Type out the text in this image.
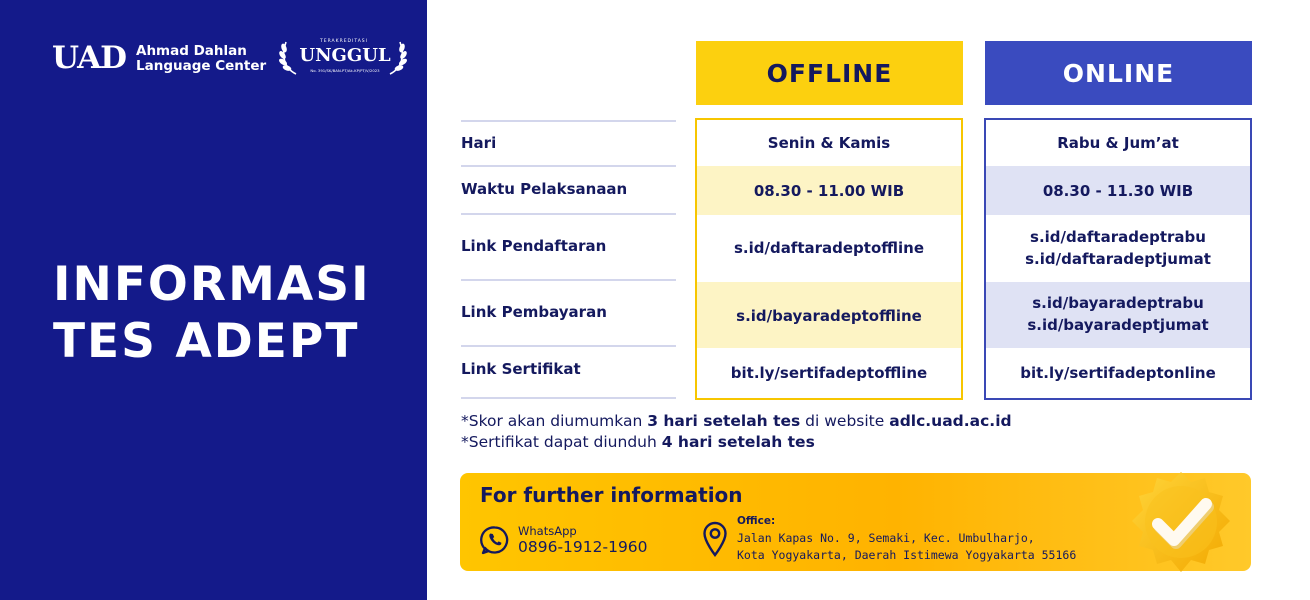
UAD Ahmad Dahlan
Language Center
TERAKREDITASI
UNGGUL
No. 391/SK/BAN-PT/Ak-KP/PT/V/2023
INFORMASI
TES ADEPT
OFFLINE	ONLINE
Hari
Waktu Pelaksanaan
Link Pendaftaran
Link Pembayaran
Link Sertifikat
Senin & Kamis
08.30 - 11.00 WIB
s.id/daftaradeptoffline
s.id/bayaradeptoffline
bit.ly/sertifadeptoffline
Rabu & Jum’at
08.30 - 11.30 WIB
s.id/daftaradeptrabu
s.id/daftaradeptjumat
s.id/bayaradeptrabu
s.id/bayaradeptjumat
bit.ly/sertifadeptonline
*Skor akan diumumkan 3 hari setelah tes di website adlc.uad.ac.id
*Sertifikat dapat diunduh 4 hari setelah tes
For further information
WhatsApp
0896-1912-1960
Office:
Jalan Kapas No. 9, Semaki, Kec. Umbulharjo,
Kota Yogyakarta, Daerah Istimewa Yogyakarta 55166
